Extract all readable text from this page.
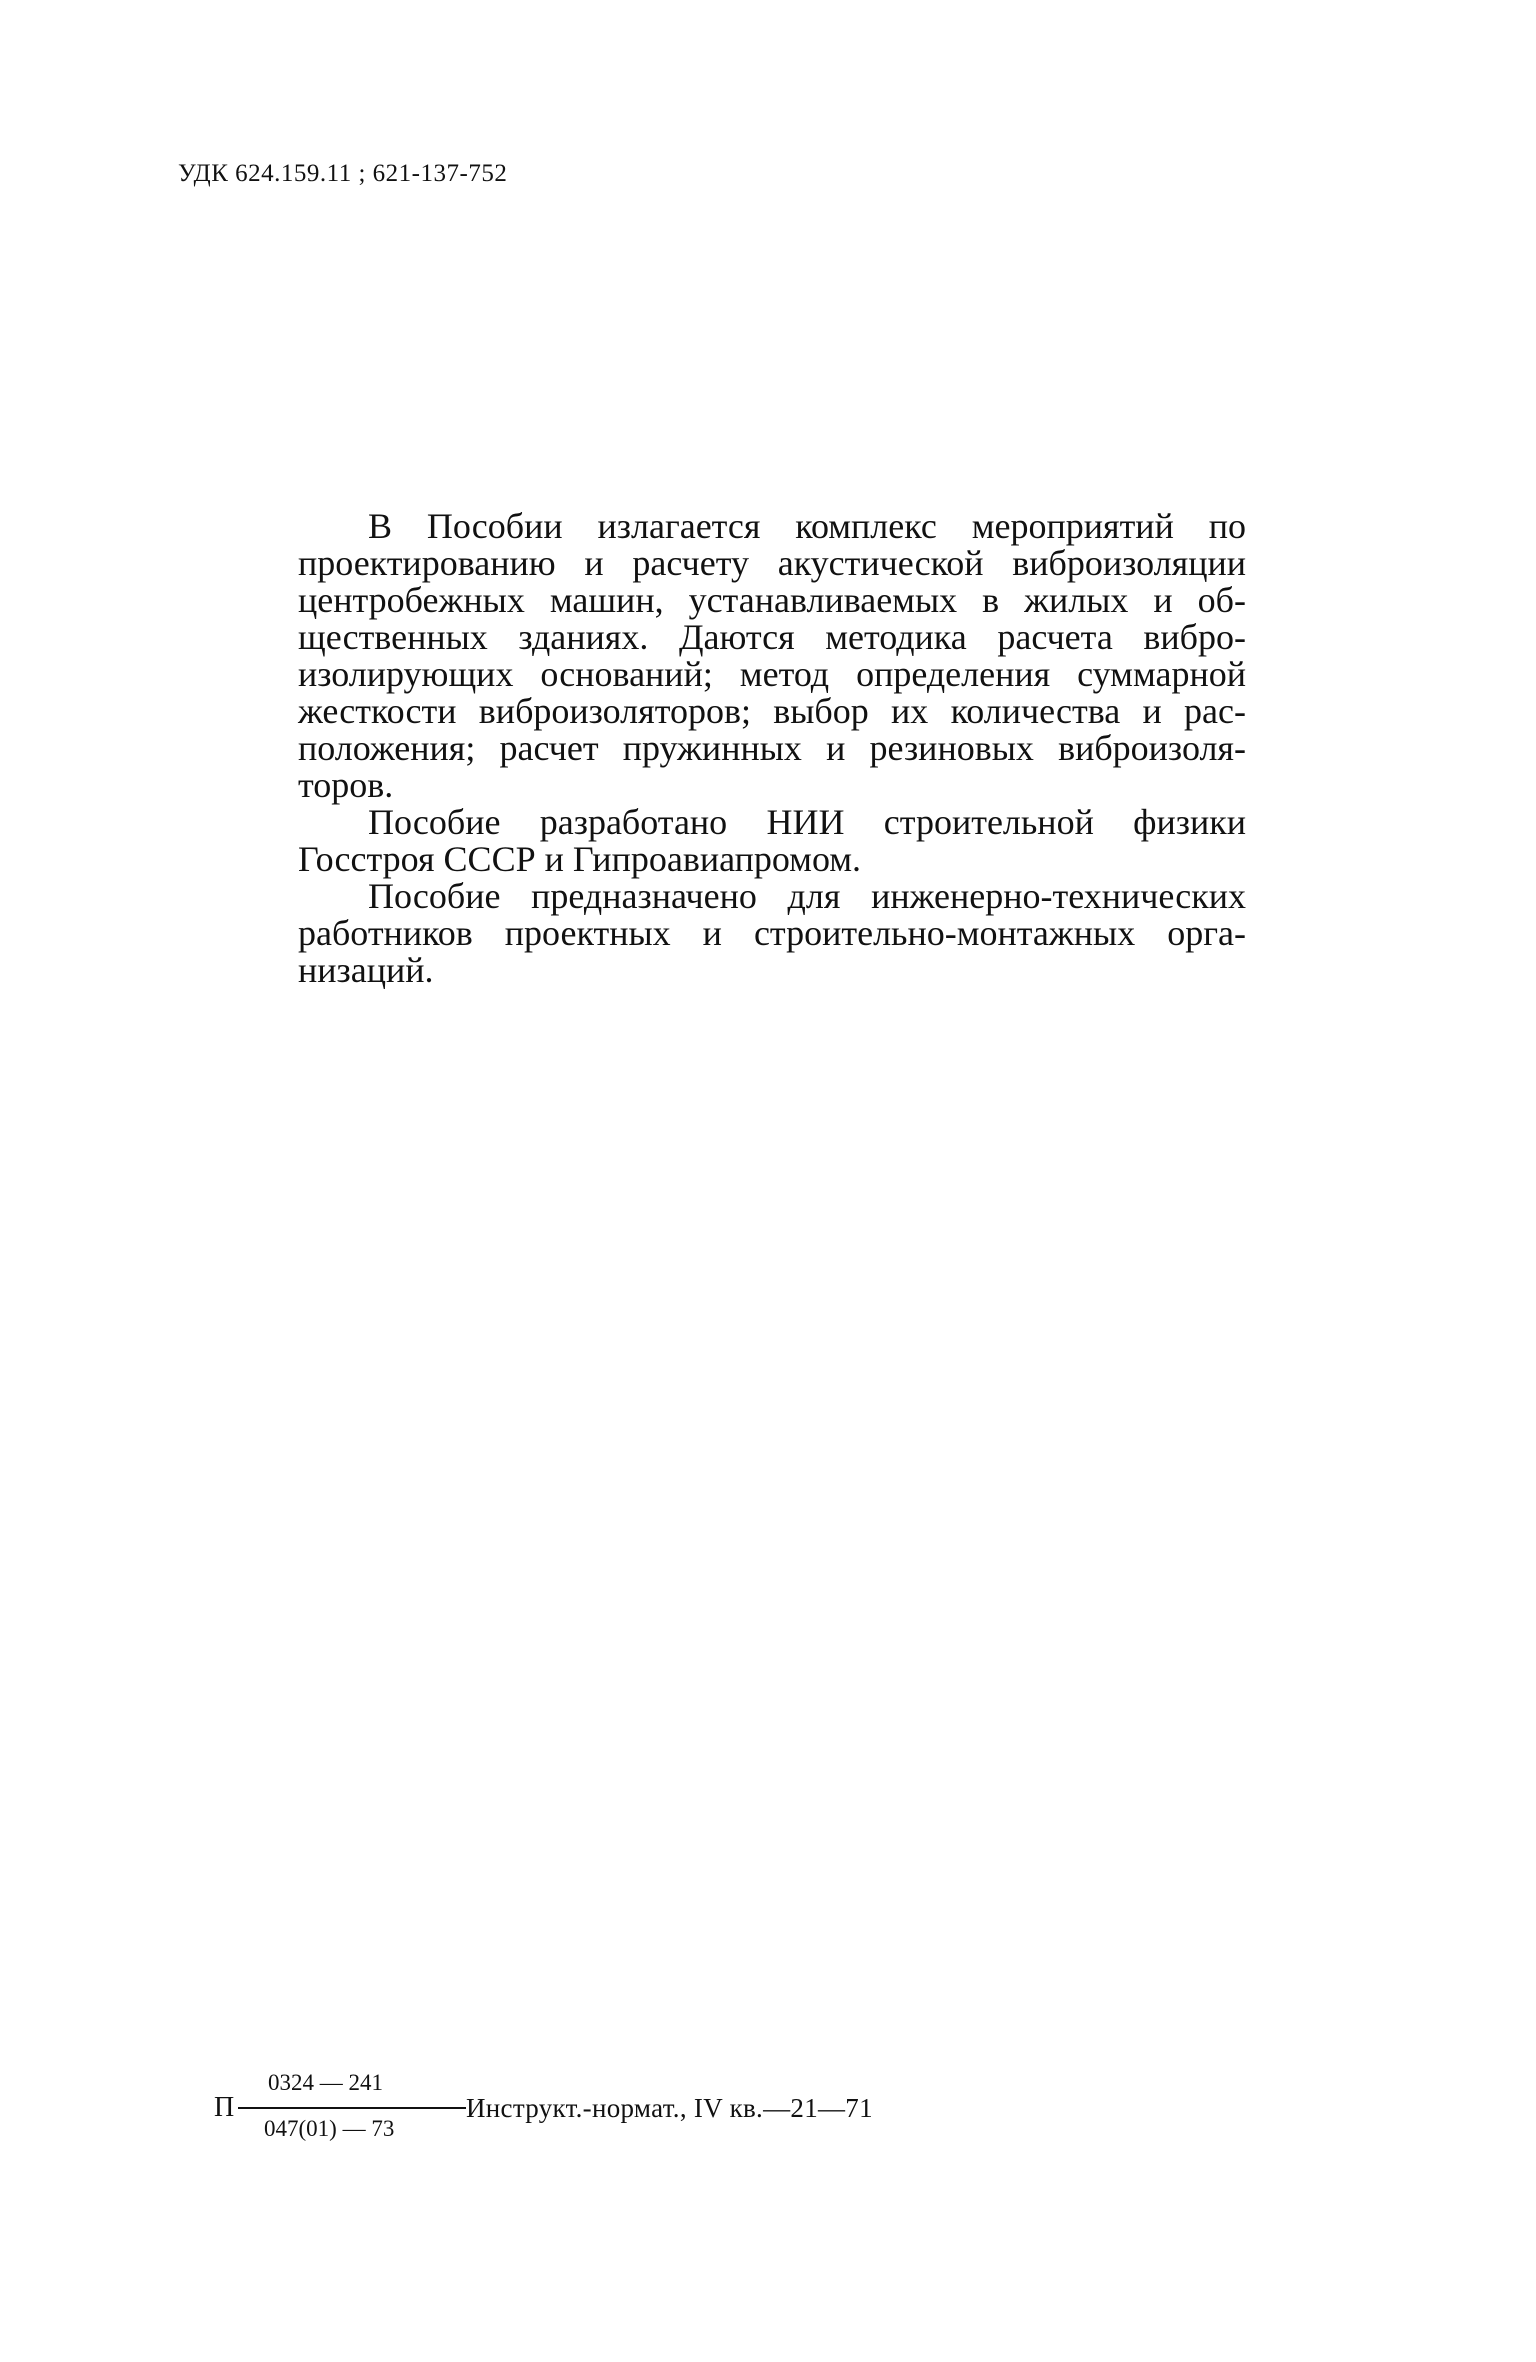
УДК 624.159.11 ; 621-137-752

В Пособии излагается комплекс мероприятий по проектированию и расчету акустической виброизоляции центробежных машин, устанавливаемых в жилых и общественных зданиях. Даются методика расчета виброизолирующих оснований; метод определения суммарной жесткости виброизоляторов; выбор их количества и расположения; расчет пружинных и резиновых виброизоляторов.

Пособие разработано НИИ строительной физики Госстроя СССР и Гипроавиапромом.

Пособие предназначено для инженерно-технических работников проектных и строительно-монтажных организаций.

П
0324 — 241
047(01) — 73
Инструкт.-нормат., IV кв.—21—71
